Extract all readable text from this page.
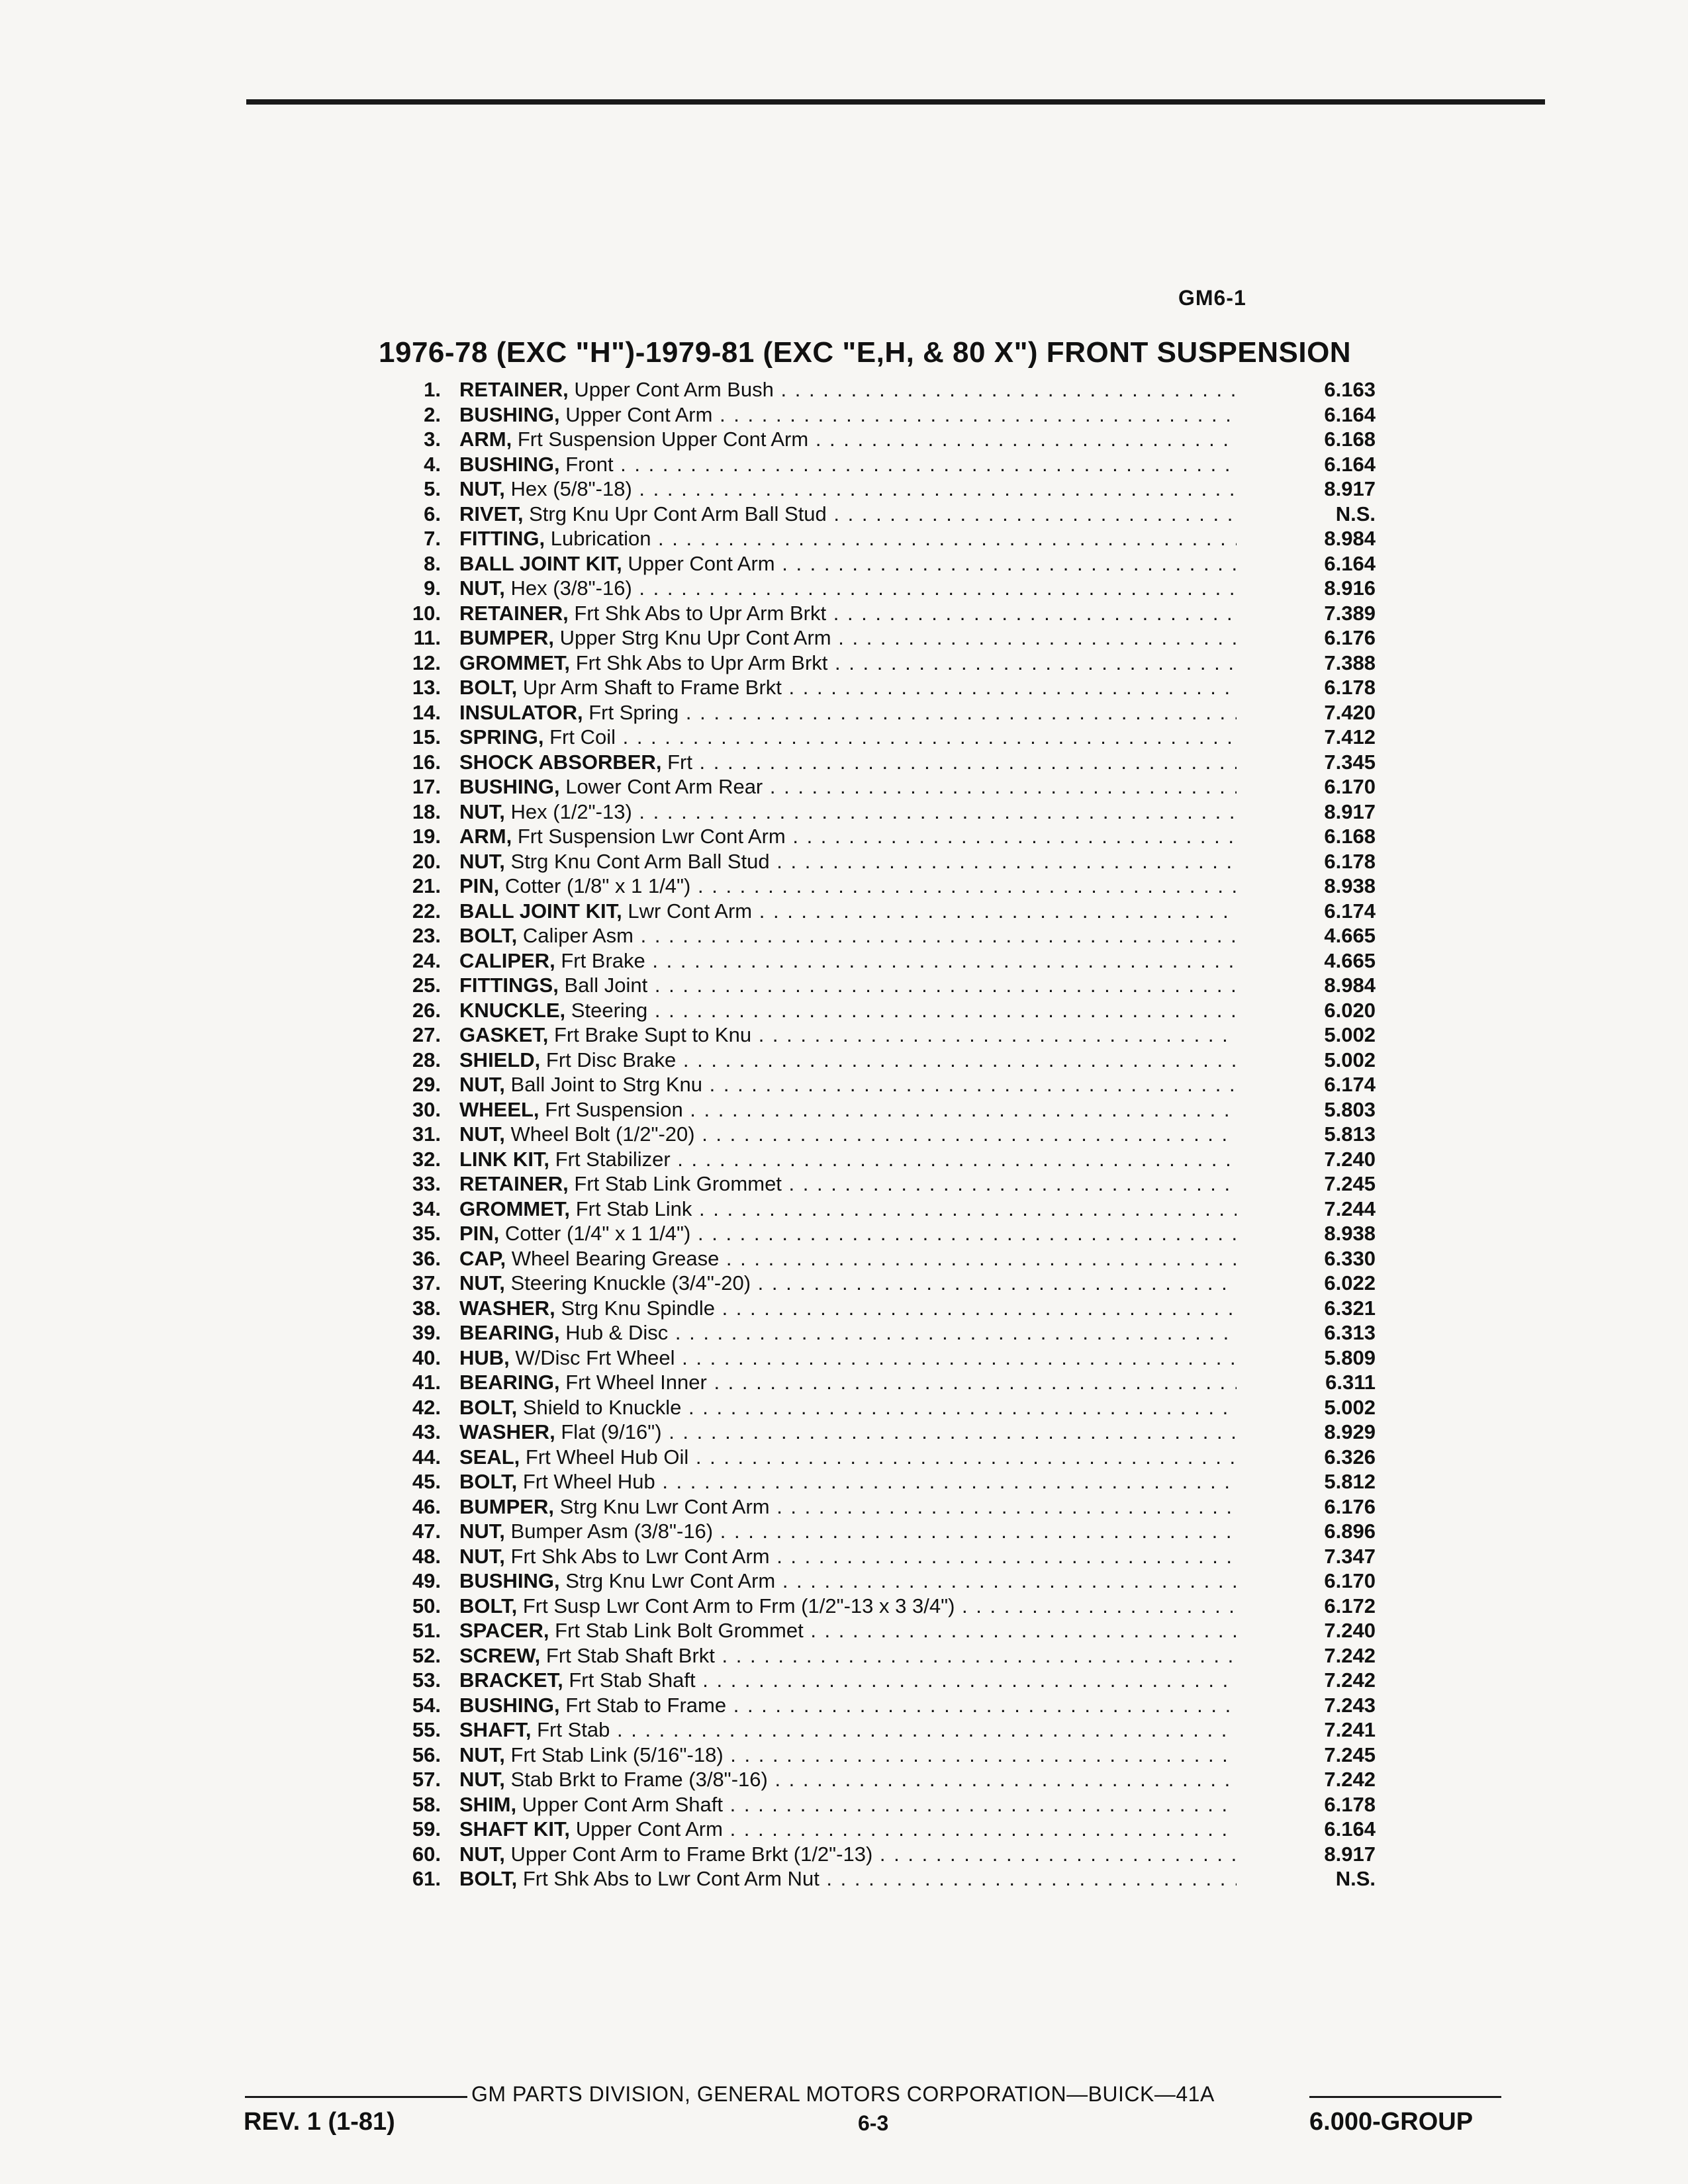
GM6-1
1976-78 (EXC "H")-1979-81 (EXC "E,H, & 80 X") FRONT SUSPENSION
1. RETAINER, Upper Cont Arm Bush . . .	6.163
2. BUSHING, Upper Cont Arm . . .	6.164
3. ARM, Frt Suspension Upper Cont Arm . . .	6.168
4. BUSHING, Front . . .	6.164
5. NUT, Hex (5/8"-18) . . .	8.917
6. RIVET, Strg Knu Upr Cont Arm Ball Stud . . .	N.S.
7. FITTING, Lubrication . . .	8.984
8. BALL JOINT KIT, Upper Cont Arm . . .	6.164
9. NUT, Hex (3/8"-16) . . .	8.916
10. RETAINER, Frt Shk Abs to Upr Arm Brkt . . .	7.389
11. BUMPER, Upper Strg Knu Upr Cont Arm . . .	6.176
12. GROMMET, Frt Shk Abs to Upr Arm Brkt . . .	7.388
13. BOLT, Upr Arm Shaft to Frame Brkt . . .	6.178
14. INSULATOR, Frt Spring . . .	7.420
15. SPRING, Frt Coil . . .	7.412
16. SHOCK ABSORBER, Frt . . .	7.345
17. BUSHING, Lower Cont Arm Rear . . .	6.170
18. NUT, Hex (1/2"-13) . . .	8.917
19. ARM, Frt Suspension Lwr Cont Arm . . .	6.168
20. NUT, Strg Knu Cont Arm Ball Stud . . .	6.178
21. PIN, Cotter (1/8" x 1 1/4") . . .	8.938
22. BALL JOINT KIT, Lwr Cont Arm . . .	6.174
23. BOLT, Caliper Asm . . .	4.665
24. CALIPER, Frt Brake . . .	4.665
25. FITTINGS, Ball Joint . . .	8.984
26. KNUCKLE, Steering . . .	6.020
27. GASKET, Frt Brake Supt to Knu . . .	5.002
28. SHIELD, Frt Disc Brake . . .	5.002
29. NUT, Ball Joint to Strg Knu . . .	6.174
30. WHEEL, Frt Suspension . . .	5.803
31. NUT, Wheel Bolt (1/2"-20) . . .	5.813
32. LINK KIT, Frt Stabilizer . . .	7.240
33. RETAINER, Frt Stab Link Grommet . . .	7.245
34. GROMMET, Frt Stab Link . . .	7.244
35. PIN, Cotter (1/4" x 1 1/4") . . .	8.938
36. CAP, Wheel Bearing Grease . . .	6.330
37. NUT, Steering Knuckle (3/4"-20) . . .	6.022
38. WASHER, Strg Knu Spindle . . .	6.321
39. BEARING, Hub & Disc . . .	6.313
40. HUB, W/Disc Frt Wheel . . .	5.809
41. BEARING, Frt Wheel Inner . . .	6.311
42. BOLT, Shield to Knuckle . . .	5.002
43. WASHER, Flat (9/16") . . .	8.929
44. SEAL, Frt Wheel Hub Oil . . .	6.326
45. BOLT, Frt Wheel Hub . . .	5.812
46. BUMPER, Strg Knu Lwr Cont Arm . . .	6.176
47. NUT, Bumper Asm (3/8"-16) . . .	6.896
48. NUT, Frt Shk Abs to Lwr Cont Arm . . .	7.347
49. BUSHING, Strg Knu Lwr Cont Arm . . .	6.170
50. BOLT, Frt Susp Lwr Cont Arm to Frm (1/2"-13 x 3 3/4") . . .	6.172
51. SPACER, Frt Stab Link Bolt Grommet . . .	7.240
52. SCREW, Frt Stab Shaft Brkt . . .	7.242
53. BRACKET, Frt Stab Shaft . . .	7.242
54. BUSHING, Frt Stab to Frame . . .	7.243
55. SHAFT, Frt Stab . . .	7.241
56. NUT, Frt Stab Link (5/16"-18) . . .	7.245
57. NUT, Stab Brkt to Frame (3/8"-16) . . .	7.242
58. SHIM, Upper Cont Arm Shaft . . .	6.178
59. SHAFT KIT, Upper Cont Arm . . .	6.164
60. NUT, Upper Cont Arm to Frame Brkt (1/2"-13) . . .	8.917
61. BOLT, Frt Shk Abs to Lwr Cont Arm Nut . . .	N.S.
GM PARTS DIVISION, GENERAL MOTORS CORPORATION—BUICK—41A
REV. 1 (1-81)	6-3	6.000-GROUP
